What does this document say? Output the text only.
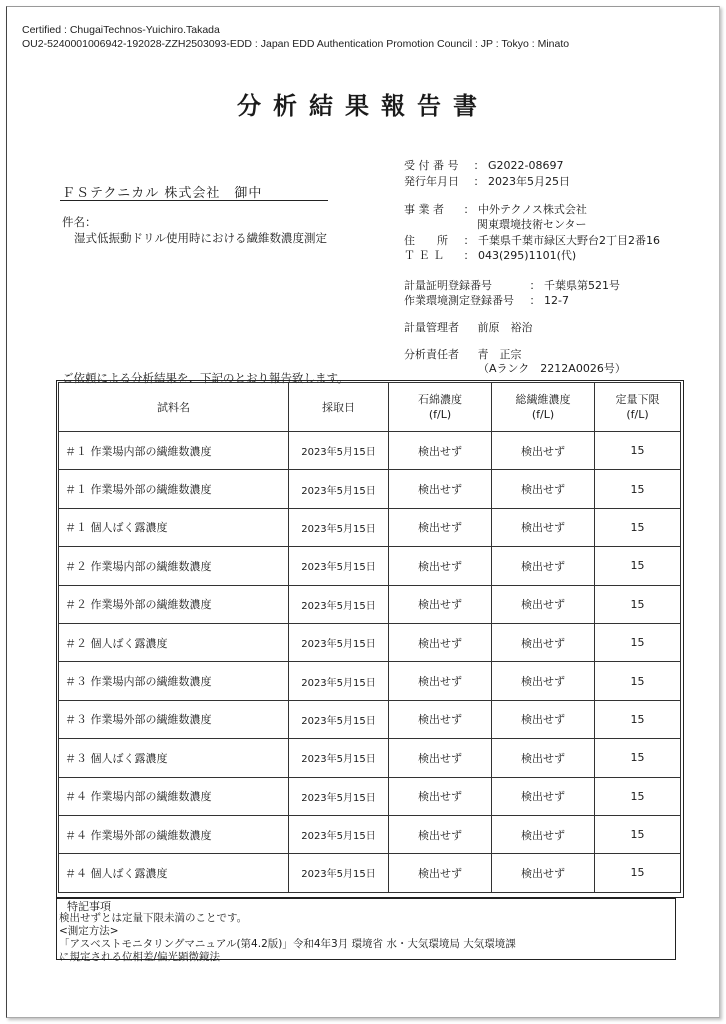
Certified : ChugaiTechnos-Yuichiro.Takada
OU2-5240001006942-192028-ZZH2503093-EDD : Japan EDD Authentication Promotion Council : JP : Tokyo : Minato
分析結果報告書
ＦＳテクニカル 株式会社　御中
件名：
湿式低振動ドリル使用時における繊維数濃度測定
受 付 番 号 ： G2022-08697
発行年月日 ： 2023年5月25日
事 業 者 ： 中外テクノス株式会社
関東環境技術センター
住　　所 ： 千葉県千葉市緑区大野台2丁目2番16
Ｔ Ｅ Ｌ ： 043(295)1101(代)
計量証明登録番号	： 千葉県第521号
作業環境測定登録番号 ： 12-7
計量管理者 前原　裕治
分析責任者 青　正宗
（Aランク　2212A0026号）
ご依頼による分析結果を、下記のとおり報告致します。
試料名	採取日	石綿濃度
(f/L)	総繊維濃度
(f/L)	定量下限
(f/L)
＃１ 作業場内部の繊維数濃度	2023年5月15日	検出せず	検出せず	15
＃１ 作業場外部の繊維数濃度	2023年5月15日	検出せず	検出せず	15
＃１ 個人ばく露濃度	2023年5月15日	検出せず	検出せず	15
＃２ 作業場内部の繊維数濃度	2023年5月15日	検出せず	検出せず	15
＃２ 作業場外部の繊維数濃度	2023年5月15日	検出せず	検出せず	15
＃２ 個人ばく露濃度	2023年5月15日	検出せず	検出せず	15
＃３ 作業場内部の繊維数濃度	2023年5月15日	検出せず	検出せず	15
＃３ 作業場外部の繊維数濃度	2023年5月15日	検出せず	検出せず	15
＃３ 個人ばく露濃度	2023年5月15日	検出せず	検出せず	15
＃４ 作業場内部の繊維数濃度	2023年5月15日	検出せず	検出せず	15
＃４ 作業場外部の繊維数濃度	2023年5月15日	検出せず	検出せず	15
＃４ 個人ばく露濃度	2023年5月15日	検出せず	検出せず	15
特記事項
検出せずとは定量下限未満のことです。
<測定方法>
「アスベストモニタリングマニュアル(第4.2版)」令和4年3月 環境省 水・大気環境局 大気環境課
に規定される位相差/偏光顕微鏡法
